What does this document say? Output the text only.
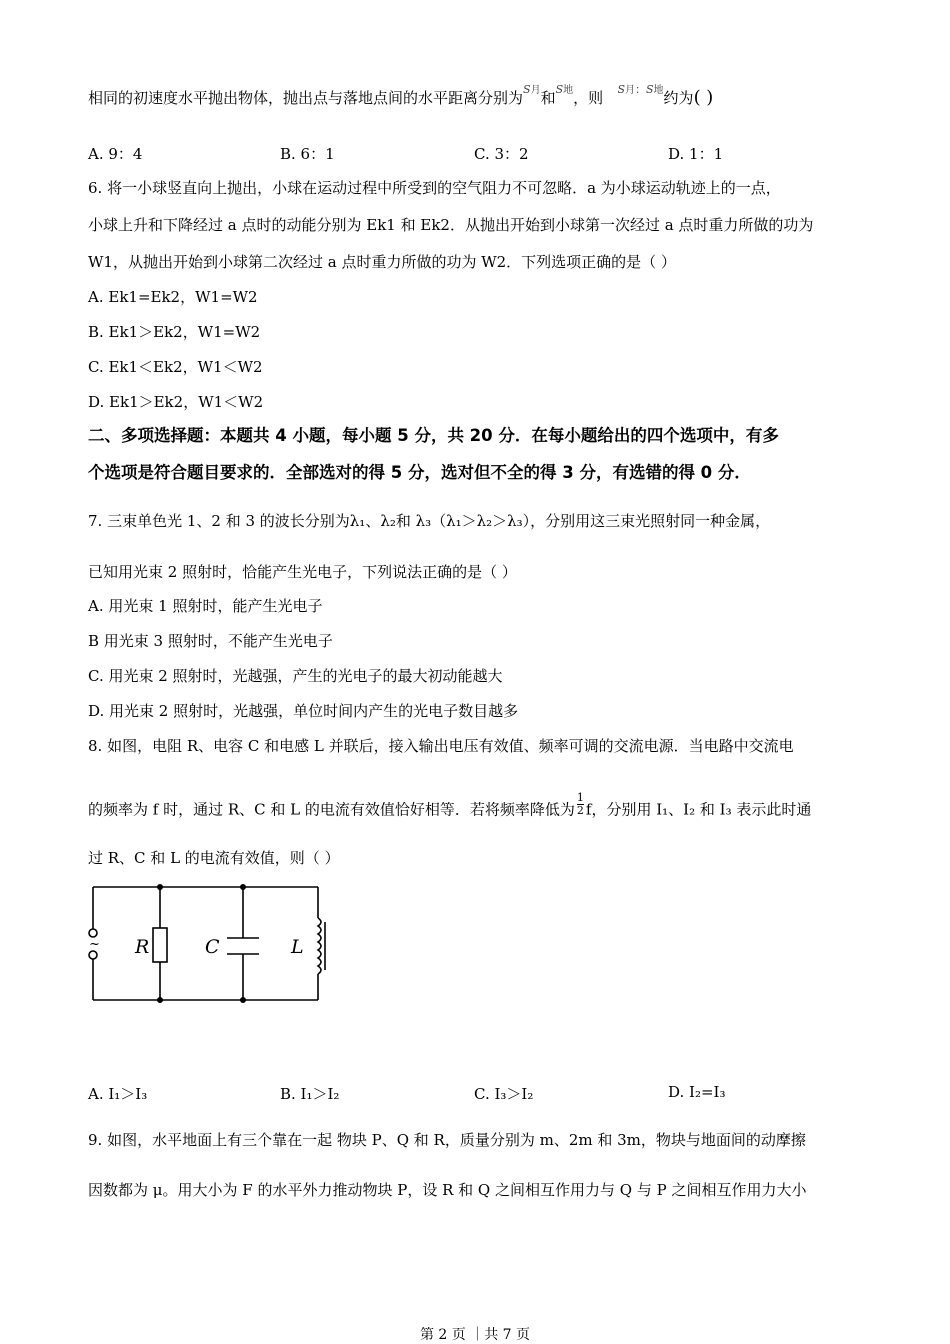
相同的初速度水平抛出物体，抛出点与落地点间的水平距离分别为$^{S月}$和$^{S地}$，则 $^{S月:S地}$约为( )
A. 9：4	B. 6：1	C. 3：2	D. 1：1
6. 将一小球竖直向上抛出，小球在运动过程中所受到的空气阻力不可忽略．a 为小球运动轨迹上的一点，
小球上升和下降经过 a 点时的动能分别为 Ek1 和 Ek2．从抛出开始到小球第一次经过 a 点时重力所做的功为
W1，从抛出开始到小球第二次经过 a 点时重力所做的功为 W2．下列选项正确的是（ ）
A. Ek1=Ek2，W1=W2
B. Ek1＞Ek2，W1=W2
C. Ek1＜Ek2，W1＜W2
D. Ek1＞Ek2，W1＜W2
二、多项选择题：本题共 4 小题，每小题 5 分，共 20 分．在每小题给出的四个选项中，有多
个选项是符合题目要求的．全部选对的得 5 分，选对但不全的得 3 分，有选错的得 0 分．
7. 三束单色光 1、2 和 3 的波长分别为λ₁、λ₂和 λ₃（λ₁＞λ₂＞λ₃），分别用这三束光照射同一种金属，
已知用光束 2 照射时，恰能产生光电子，下列说法正确的是（ ）
A. 用光束 1 照射时，能产生光电子
B 用光束 3 照射时，不能产生光电子
C. 用光束 2 照射时，光越强，产生的光电子的最大初动能越大
D. 用光束 2 照射时，光越强，单位时间内产生的光电子数目越多
8. 如图，电阻 R、电容 C 和电感 L 并联后，接入输出电压有效值、频率可调的交流电源．当电路中交流电
的频率为 f 时，通过 R、C 和 L 的电流有效值恰好相等．若将频率降低为 $\frac{1}{2}$ f，分别用 I₁、I₂ 和 I₃ 表示此时通
过 R、C 和 L 的电流有效值，则（ ）
~ R	C	L
A. I₁＞I₃	B. I₁＞I₂	C. I₃＞I₂	D. I₂=I₃
9. 如图，水平地面上有三个靠在一起 物块 P、Q 和 R，质量分别为 m、2m 和 3m，物块与地面间的动摩擦
因数都为 μ。用大小为 F 的水平外力推动物块 P，设 R 和 Q 之间相互作用力与 Q 与 P 之间相互作用力大小
第 2 页 ｜共 7 页
